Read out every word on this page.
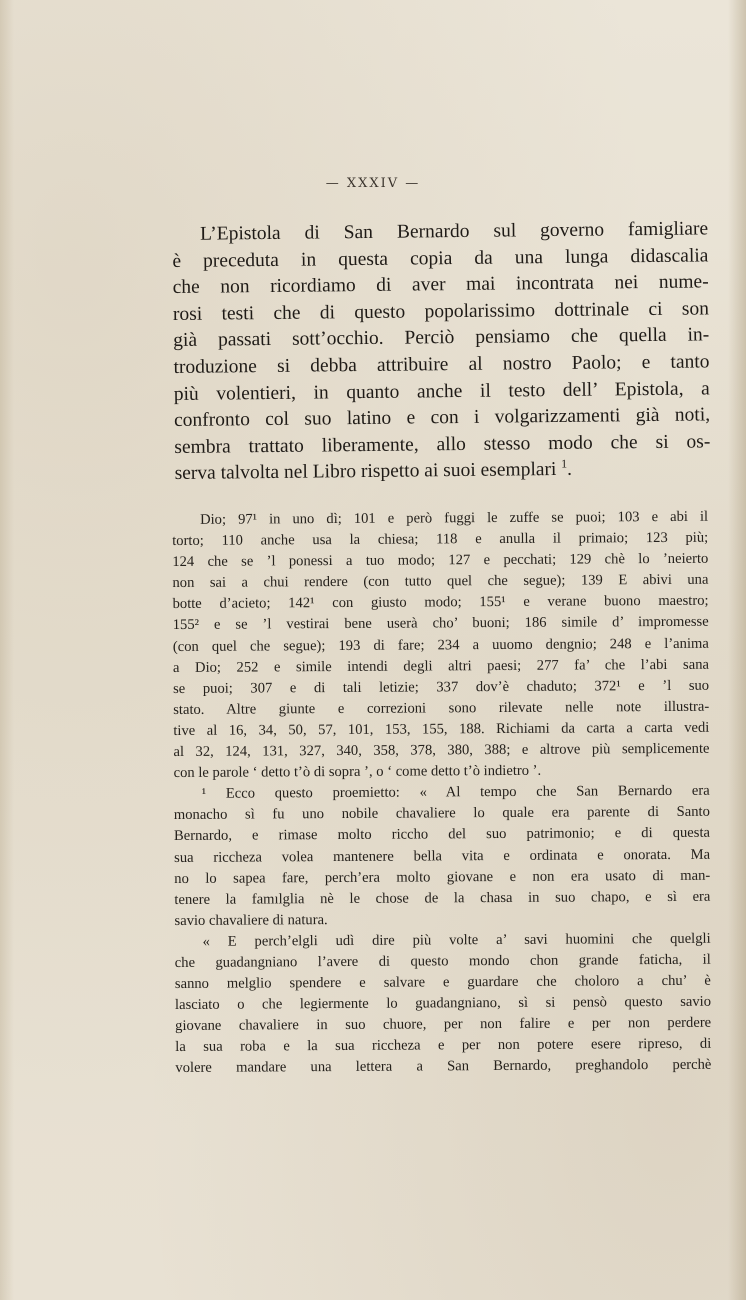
— XXXIV —
L’Epistola di San Bernardo sul governo famigliare
è preceduta in questa copia da una lunga didascalia
che non ricordiamo di aver mai incontrata nei nume-
rosi testi che di questo popolarissimo dottrinale ci son
già passati sott’occhio. Perciò pensiamo che quella in-
troduzione si debba attribuire al nostro Paolo; e tanto
più volentieri, in quanto anche il testo dell’ Epistola, a
confronto col suo latino e con i volgarizzamenti già noti,
sembra trattato liberamente, allo stesso modo che si os-
serva talvolta nel Libro rispetto ai suoi esemplari $^1$.
Dio; 97¹ in uno dì; 101 e però fuggi le zuffe se puoi; 103 e abi il
torto; 110 anche usa la chiesa; 118 e anulla il primaio; 123 più;
124 che se ’l ponessi a tuo modo; 127 e pecchati; 129 chè lo ’neierto
non sai a chui rendere (con tutto quel che segue); 139 E abivi una
botte d’acieto; 142¹ con giusto modo; 155¹ e verane buono maestro;
155² e se ’l vestirai bene userà cho’ buoni; 186 simile d’ impromesse
(con quel che segue); 193 di fare; 234 a uuomo dengnio; 248 e l’anima
a Dio; 252 e simile intendi degli altri paesi; 277 fa’ che l’abi sana
se puoi; 307 e di tali letizie; 337 dov’è chaduto; 372¹ e ’l suo
stato. Altre giunte e correzioni sono rilevate nelle note illustra-
tive al 16, 34, 50, 57, 101, 153, 155, 188. Richiami da carta a carta vedi
al 32, 124, 131, 327, 340, 358, 378, 380, 388; e altrove più semplicemente
con le parole ‘ detto t’ò di sopra ’, o ‘ come detto t’ò indietro ’.
¹ Ecco questo proemietto: « Al tempo che San Bernardo era
monacho sì fu uno nobile chavaliere lo quale era parente di Santo
Bernardo, e rimase molto riccho del suo patrimonio; e di questa
sua riccheza volea mantenere bella vita e ordinata e onorata. Ma
no lo sapea fare, perch’era molto giovane e non era usato di man-
tenere la famılglia nè le chose de la chasa in suo chapo, e sì era
savio chavaliere di natura.
« E perch’elgli udì dire più volte a’ savi huomini che quelgli
che guadangniano l’avere di questo mondo chon grande faticha, il
sanno melglio spendere e salvare e guardare che choloro a chu’ è
lasciato o che legiermente lo guadangniano, sì si pensò questo savio
giovane chavaliere in suo chuore, per non falire e per non perdere
la sua roba e la sua riccheza e per non potere esere ripreso, di
volere mandare una lettera a San Bernardo, preghandolo perchè
